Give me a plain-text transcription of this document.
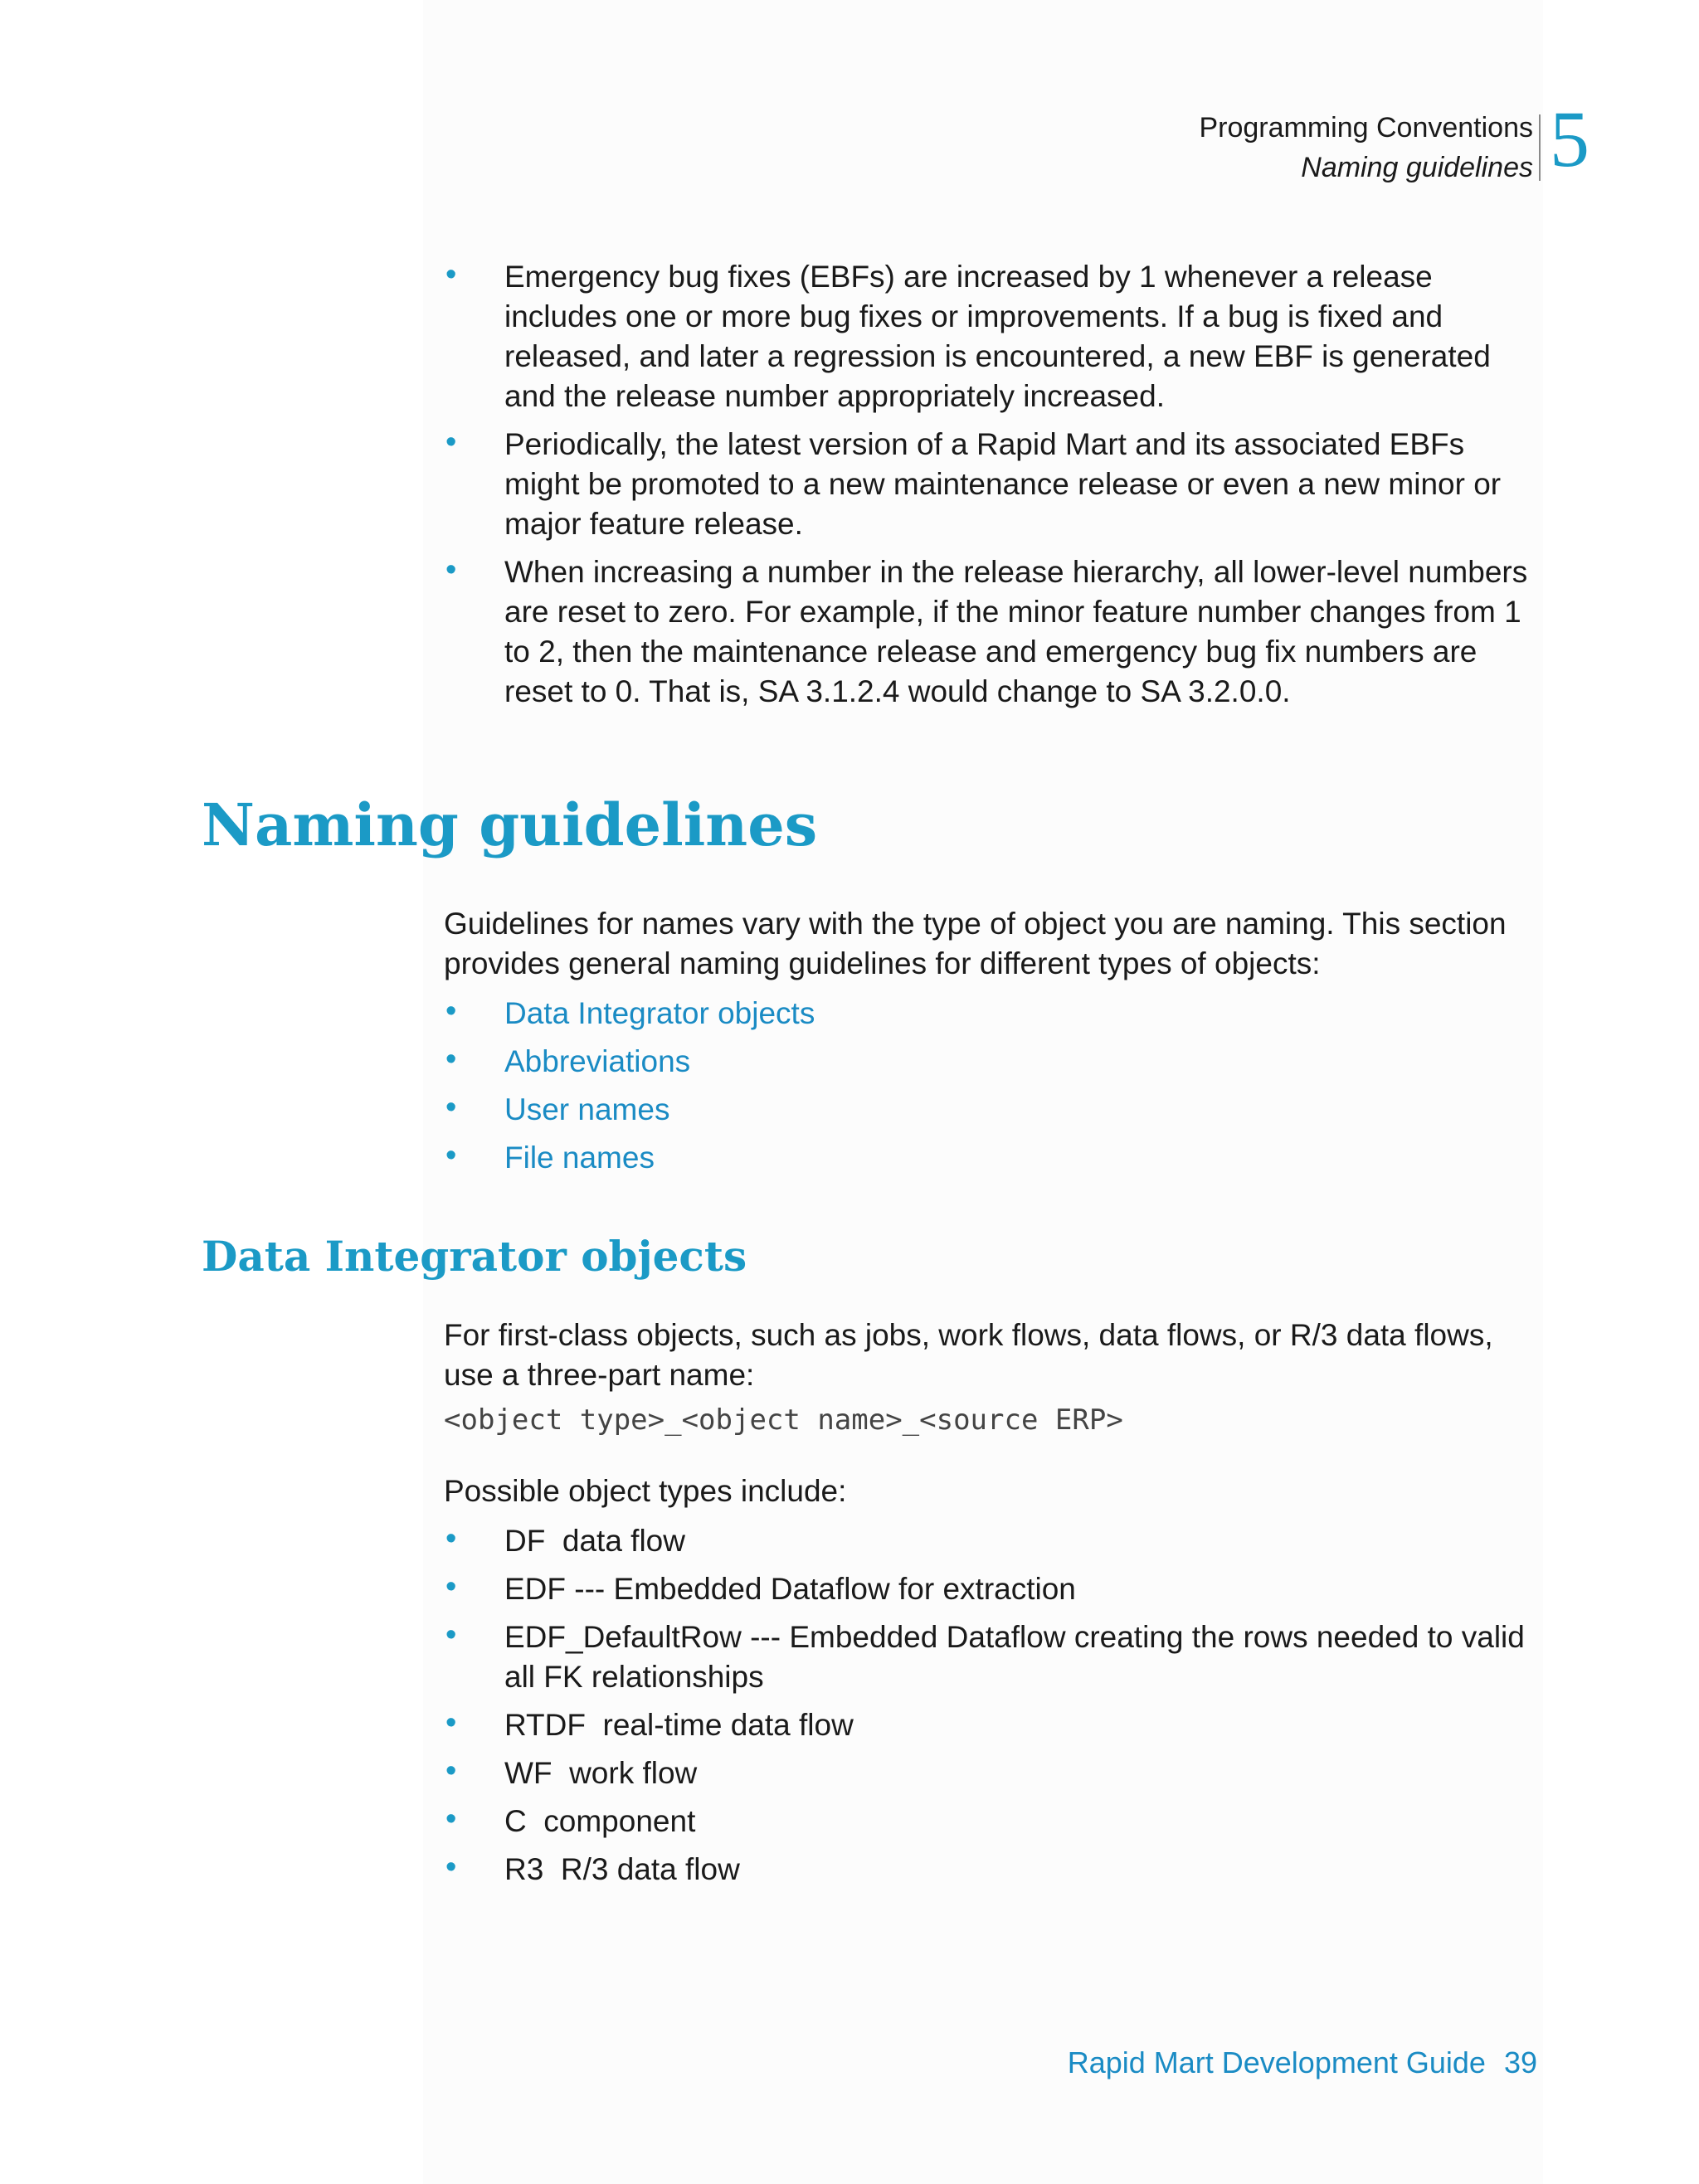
Programming Conventions
Naming guidelines 5
• Emergency bug fixes (EBFs) are increased by 1 whenever a release includes one or more bug fixes or improvements. If a bug is fixed and released, and later a regression is encountered, a new EBF is generated and the release number appropriately increased.
• Periodically, the latest version of a Rapid Mart and its associated EBFs might be promoted to a new maintenance release or even a new minor or major feature release.
• When increasing a number in the release hierarchy, all lower-level numbers are reset to zero. For example, if the minor feature number changes from 1 to 2, then the maintenance release and emergency bug fix numbers are reset to 0. That is, SA 3.1.2.4 would change to SA 3.2.0.0.
Naming guidelines

Guidelines for names vary with the type of object you are naming. This section provides general naming guidelines for different types of objects:

• Data Integrator objects
• Abbreviations
• User names
• File names
Data Integrator objects

For first-class objects, such as jobs, work flows, data flows, or R/3 data flows, use a three-part name:

<object type>_<object name>_<source ERP>

Possible object types include:

• DF  data flow
• EDF --- Embedded Dataflow for extraction
• EDF_DefaultRow --- Embedded Dataflow creating the rows needed to valid all FK relationships
• RTDF  real-time data flow
• WF  work flow
• C  component
• R3  R/3 data flow
Rapid Mart Development Guide 39
